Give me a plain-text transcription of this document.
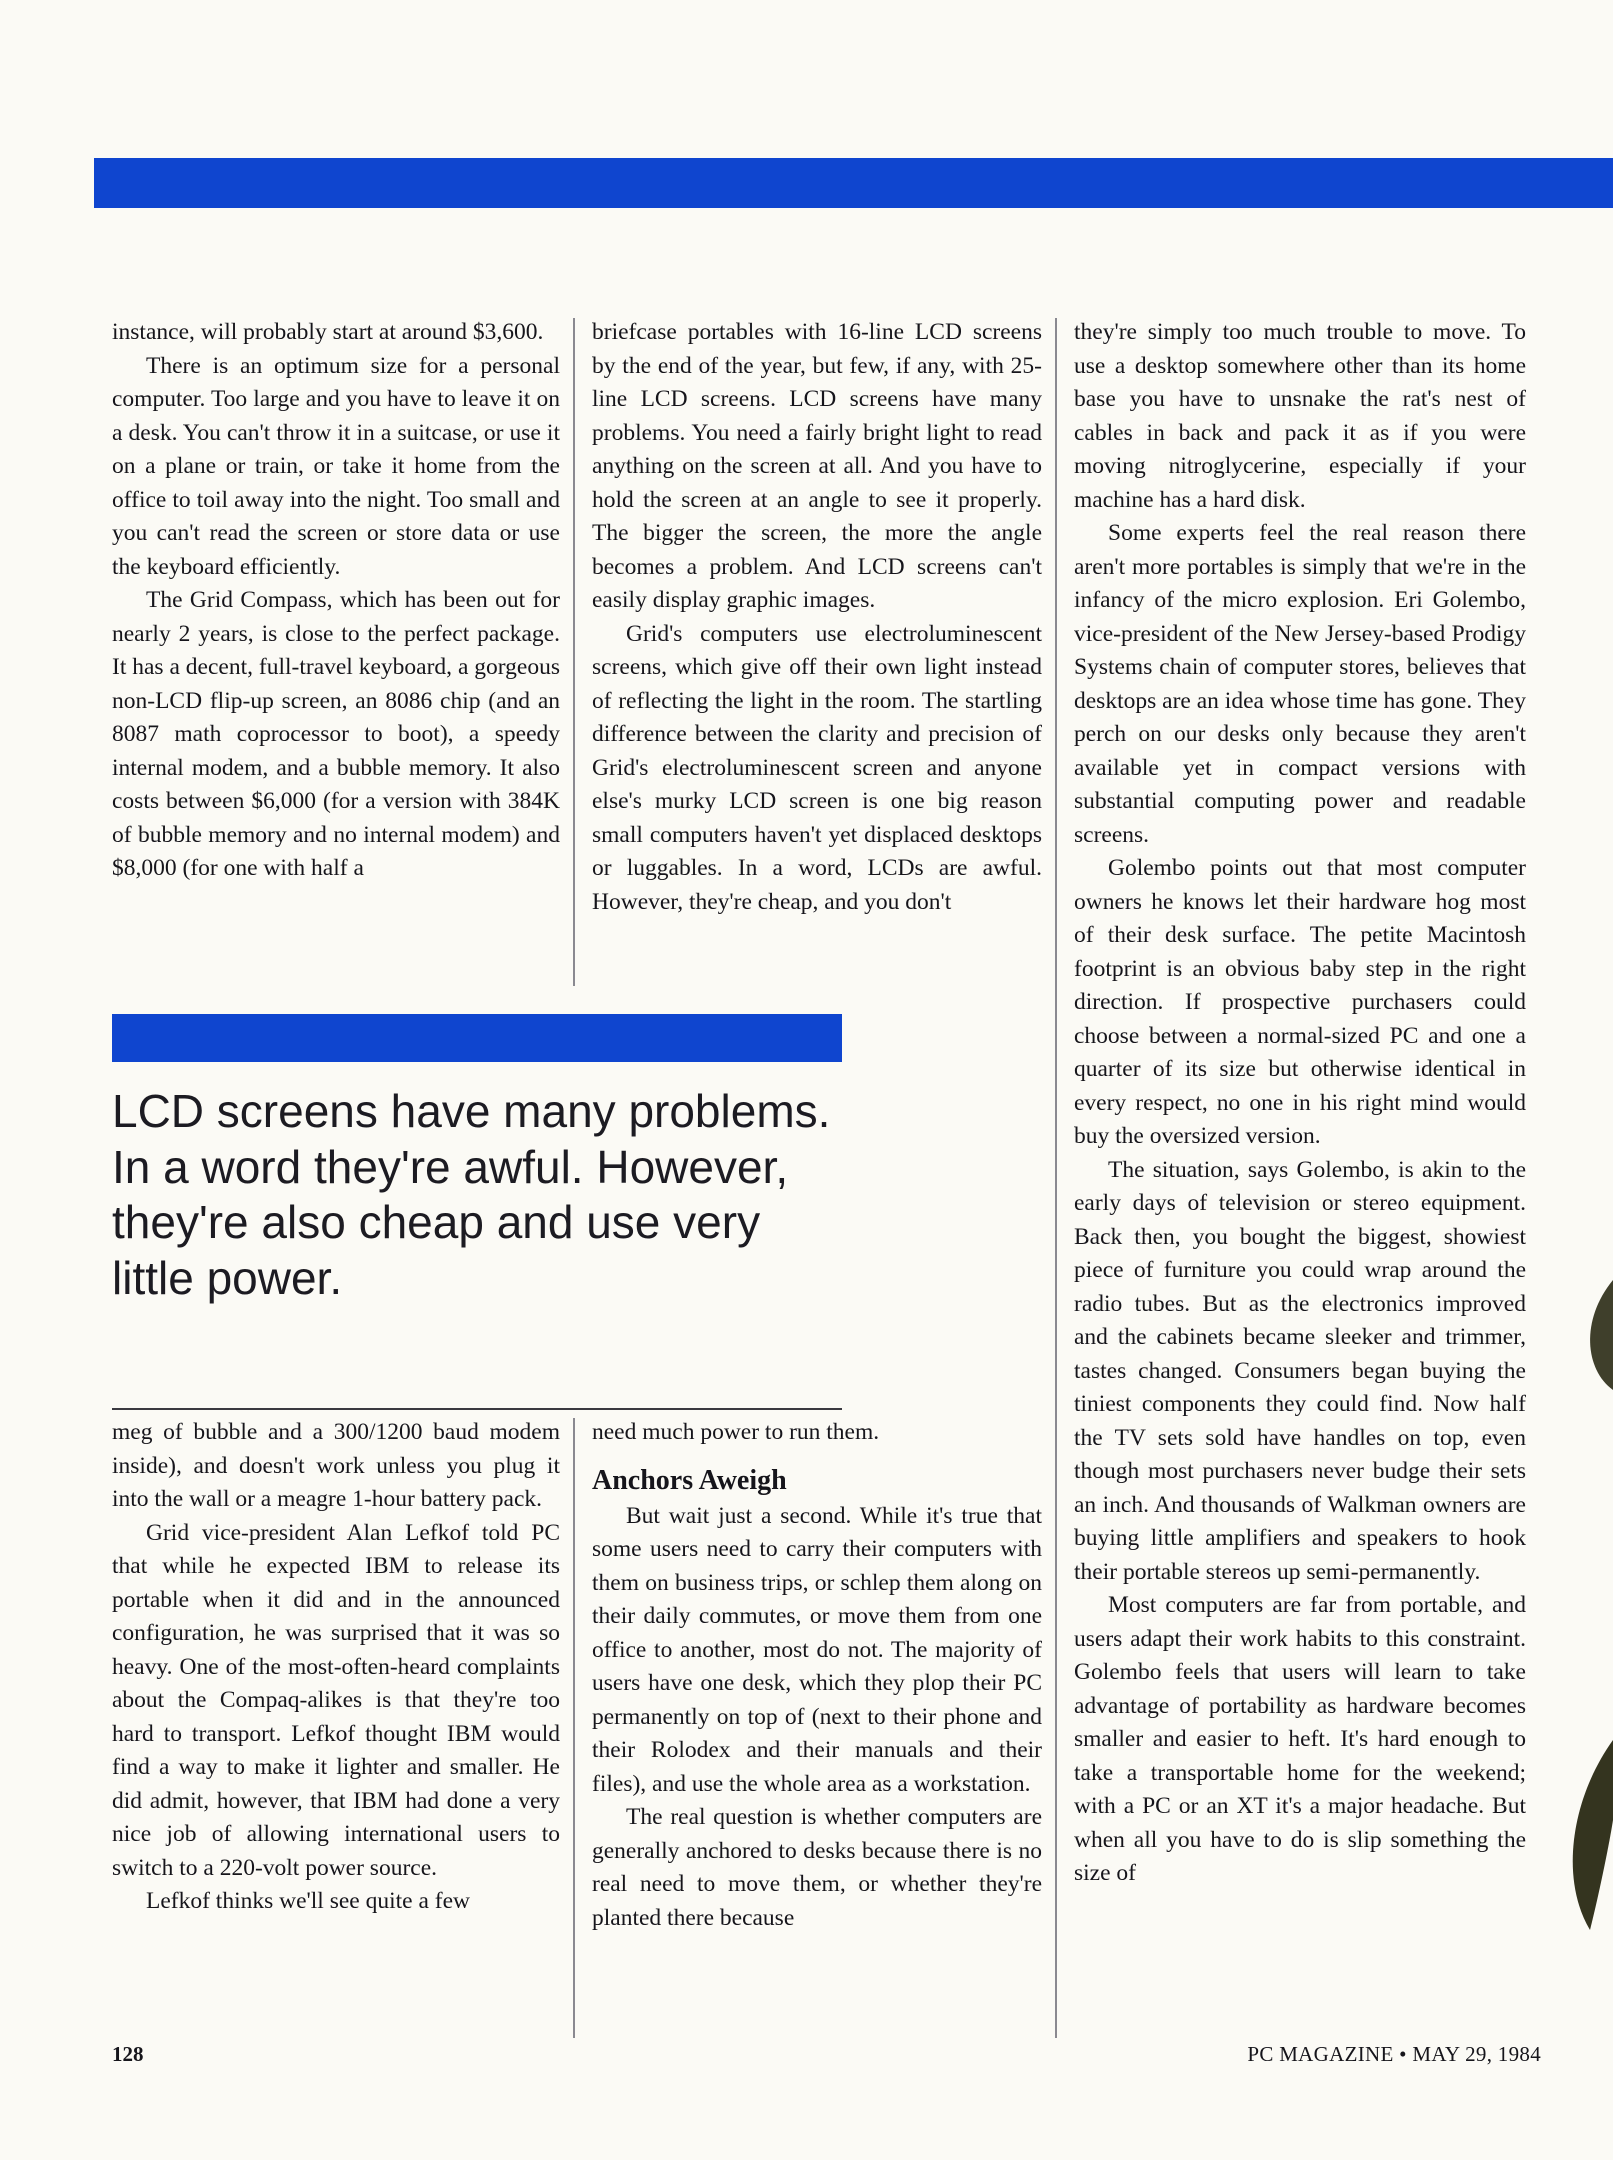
instance, will probably start at around $3,600.

There is an optimum size for a personal computer. Too large and you have to leave it on a desk. You can't throw it in a suitcase, or use it on a plane or train, or take it home from the office to toil away into the night. Too small and you can't read the screen or store data or use the keyboard efficiently.

The Grid Compass, which has been out for nearly 2 years, is close to the perfect package. It has a decent, full-travel keyboard, a gorgeous non-LCD flip-up screen, an 8086 chip (and an 8087 math coprocessor to boot), a speedy internal modem, and a bubble memory. It also costs between $6,000 (for a version with 384K of bubble memory and no internal modem) and $8,000 (for one with half a

briefcase portables with 16-line LCD screens by the end of the year, but few, if any, with 25-line LCD screens. LCD screens have many problems. You need a fairly bright light to read anything on the screen at all. And you have to hold the screen at an angle to see it properly. The bigger the screen, the more the angle becomes a problem. And LCD screens can't easily display graphic images.

Grid's computers use electroluminescent screens, which give off their own light instead of reflecting the light in the room. The startling difference between the clarity and precision of Grid's electroluminescent screen and anyone else's murky LCD screen is one big reason small computers haven't yet displaced desktops or luggables. In a word, LCDs are awful. However, they're cheap, and you don't

LCD screens have many problems. In a word they're awful. However, they're also cheap and use very little power.

meg of bubble and a 300/1200 baud modem inside), and doesn't work unless you plug it into the wall or a meagre 1-hour battery pack.

Grid vice-president Alan Lefkof told PC that while he expected IBM to release its portable when it did and in the announced configuration, he was surprised that it was so heavy. One of the most-often-heard complaints about the Compaq-alikes is that they're too hard to transport. Lefkof thought IBM would find a way to make it lighter and smaller. He did admit, however, that IBM had done a very nice job of allowing international users to switch to a 220-volt power source.

Lefkof thinks we'll see quite a few

need much power to run them.

Anchors Aweigh

But wait just a second. While it's true that some users need to carry their computers with them on business trips, or schlep them along on their daily commutes, or move them from one office to another, most do not. The majority of users have one desk, which they plop their PC permanently on top of (next to their phone and their Rolodex and their manuals and their files), and use the whole area as a workstation.

The real question is whether computers are generally anchored to desks because there is no real need to move them, or whether they're planted there because

they're simply too much trouble to move. To use a desktop somewhere other than its home base you have to unsnake the rat's nest of cables in back and pack it as if you were moving nitroglycerine, especially if your machine has a hard disk.

Some experts feel the real reason there aren't more portables is simply that we're in the infancy of the micro explosion. Eri Golembo, vice-president of the New Jersey-based Prodigy Systems chain of computer stores, believes that desktops are an idea whose time has gone. They perch on our desks only because they aren't available yet in compact versions with substantial computing power and readable screens.

Golembo points out that most computer owners he knows let their hardware hog most of their desk surface. The petite Macintosh footprint is an obvious baby step in the right direction. If prospective purchasers could choose between a normal-sized PC and one a quarter of its size but otherwise identical in every respect, no one in his right mind would buy the oversized version.

The situation, says Golembo, is akin to the early days of television or stereo equipment. Back then, you bought the biggest, showiest piece of furniture you could wrap around the radio tubes. But as the electronics improved and the cabinets became sleeker and trimmer, tastes changed. Consumers began buying the tiniest components they could find. Now half the TV sets sold have handles on top, even though most purchasers never budge their sets an inch. And thousands of Walkman owners are buying little amplifiers and speakers to hook their portable stereos up semi-permanently.

Most computers are far from portable, and users adapt their work habits to this constraint. Golembo feels that users will learn to take advantage of portability as hardware becomes smaller and easier to heft. It's hard enough to take a transportable home for the weekend; with a PC or an XT it's a major headache. But when all you have to do is slip something the size of

128	PC MAGAZINE • MAY 29, 1984
